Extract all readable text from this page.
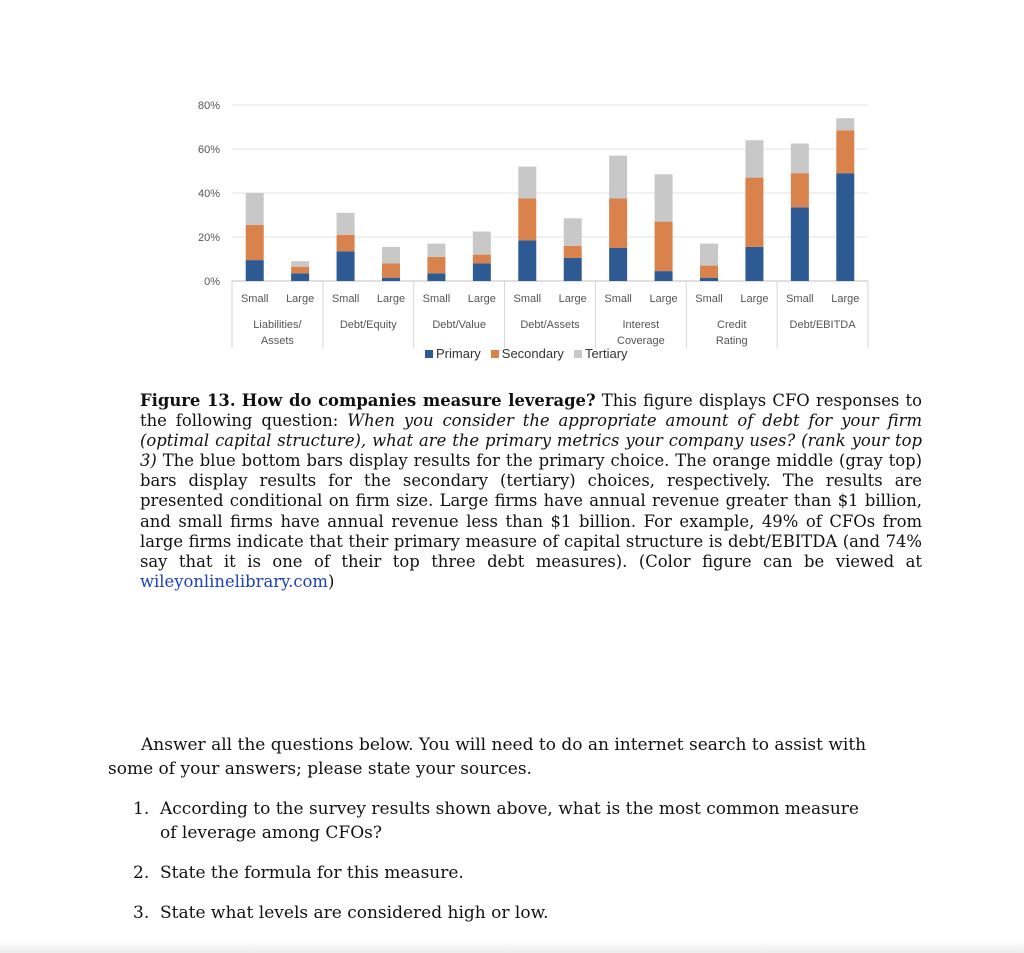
0%
20%
40%
60%
80%
Small Large Small Large Small Large Small Large Small Large Small Large Small Large
Liabilities/
Assets
Debt/Equity	Debt/Value	Debt/Assets	Interest
Coverage
Credit
Rating
Debt/EBITDA
Primary Secondary Tertiary
Figure 13. How do companies measure leverage? This figure displays CFO responses to the following question: When you consider the appropriate amount of debt for your firm (optimal capital structure), what are the primary metrics your company uses? (rank your top 3) The blue bottom bars display results for the primary choice. The orange middle (gray top) bars display results for the secondary (tertiary) choices, respectively. The results are presented conditional on firm size. Large firms have annual revenue greater than $1 billion, and small firms have annual revenue less than $1 billion. For example, 49% of CFOs from large firms indicate that their primary measure of capital structure is debt/EBITDA (and 74% say that it is one of their top three debt measures). (Color figure can be viewed at wileyonlinelibrary.com)

Answer all the questions below. You will need to do an internet search to assist with some of your answers; please state your sources.

1. According to the survey results shown above, what is the most common measure of leverage among CFOs?
2. State the formula for this measure.
3. State what levels are considered high or low.
